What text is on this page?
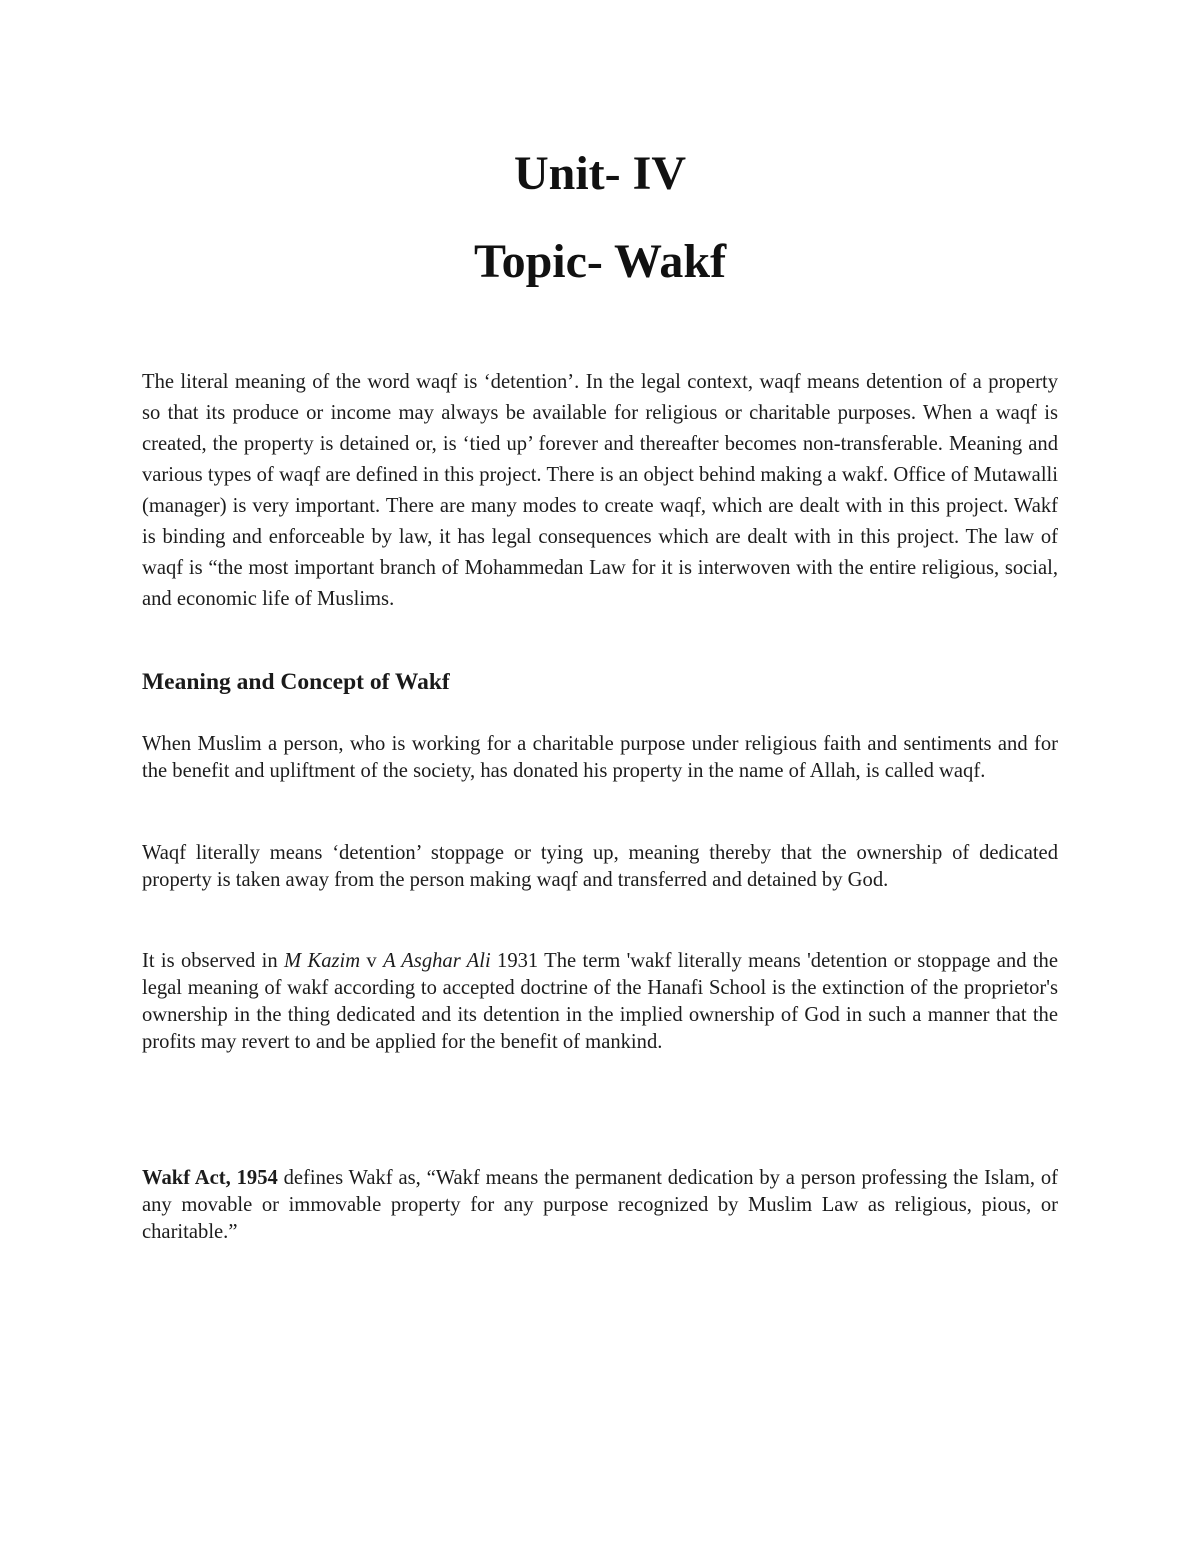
Unit- IV
Topic- Wakf

The literal meaning of the word waqf is ‘detention’. In the legal context, waqf means detention of a property so that its produce or income may always be available for religious or charitable purposes. When a waqf is created, the property is detained or, is ‘tied up’ forever and thereafter becomes non-transferable. Meaning and various types of waqf are defined in this project. There is an object behind making a wakf. Office of Mutawalli (manager) is very important. There are many modes to create waqf, which are dealt with in this project. Wakf is binding and enforceable by law, it has legal consequences which are dealt with in this project. The law of waqf is “the most important branch of Mohammedan Law for it is interwoven with the entire religious, social, and economic life of Muslims.

Meaning and Concept of Wakf

When Muslim a person, who is working for a charitable purpose under religious faith and sentiments and for the benefit and upliftment of the society, has donated his property in the name of Allah, is called waqf.

Waqf literally means ‘detention’ stoppage or tying up, meaning thereby that the ownership of dedicated property is taken away from the person making waqf and transferred and detained by God.

It is observed in M Kazim v A Asghar Ali 1931 The term 'wakf literally means 'detention or stoppage and the legal meaning of wakf according to accepted doctrine of the Hanafi School is the extinction of the proprietor's ownership in the thing dedicated and its detention in the implied ownership of God in such a manner that the profits may revert to and be applied for the benefit of mankind.

Wakf Act, 1954 defines Wakf as, “Wakf means the permanent dedication by a person professing the Islam, of any movable or immovable property for any purpose recognized by Muslim Law as religious, pious, or charitable.”
